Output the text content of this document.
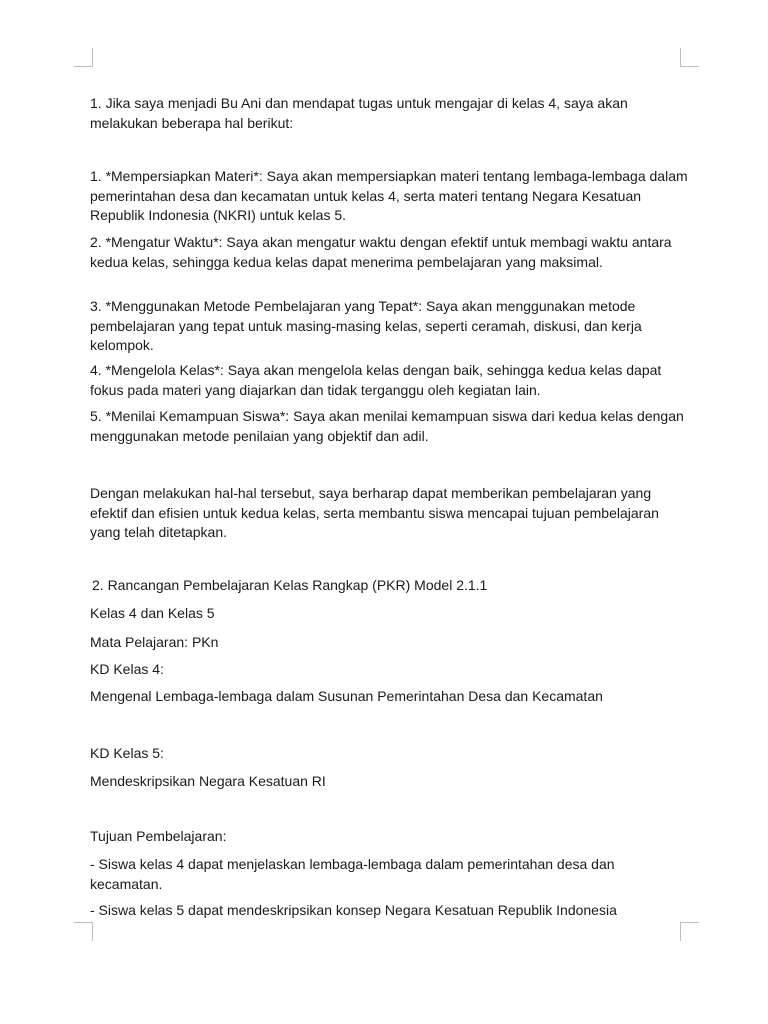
1. Jika saya menjadi Bu Ani dan mendapat tugas untuk mengajar di kelas 4, saya akan melakukan beberapa hal berikut:

1. *Mempersiapkan Materi*: Saya akan mempersiapkan materi tentang lembaga-lembaga dalam pemerintahan desa dan kecamatan untuk kelas 4, serta materi tentang Negara Kesatuan Republik Indonesia (NKRI) untuk kelas 5.

2. *Mengatur Waktu*: Saya akan mengatur waktu dengan efektif untuk membagi waktu antara kedua kelas, sehingga kedua kelas dapat menerima pembelajaran yang maksimal.

3. *Menggunakan Metode Pembelajaran yang Tepat*: Saya akan menggunakan metode pembelajaran yang tepat untuk masing-masing kelas, seperti ceramah, diskusi, dan kerja kelompok.

4. *Mengelola Kelas*: Saya akan mengelola kelas dengan baik, sehingga kedua kelas dapat fokus pada materi yang diajarkan dan tidak terganggu oleh kegiatan lain.

5. *Menilai Kemampuan Siswa*: Saya akan menilai kemampuan siswa dari kedua kelas dengan menggunakan metode penilaian yang objektif dan adil.

Dengan melakukan hal-hal tersebut, saya berharap dapat memberikan pembelajaran yang efektif dan efisien untuk kedua kelas, serta membantu siswa mencapai tujuan pembelajaran yang telah ditetapkan.

2. Rancangan Pembelajaran Kelas Rangkap (PKR) Model 2.1.1

Kelas 4 dan Kelas 5

Mata Pelajaran: PKn

KD Kelas 4:

Mengenal Lembaga-lembaga dalam Susunan Pemerintahan Desa dan Kecamatan

KD Kelas 5:

Mendeskripsikan Negara Kesatuan RI

Tujuan Pembelajaran:

- Siswa kelas 4 dapat menjelaskan lembaga-lembaga dalam pemerintahan desa dan kecamatan.

- Siswa kelas 5 dapat mendeskripsikan konsep Negara Kesatuan Republik Indonesia
